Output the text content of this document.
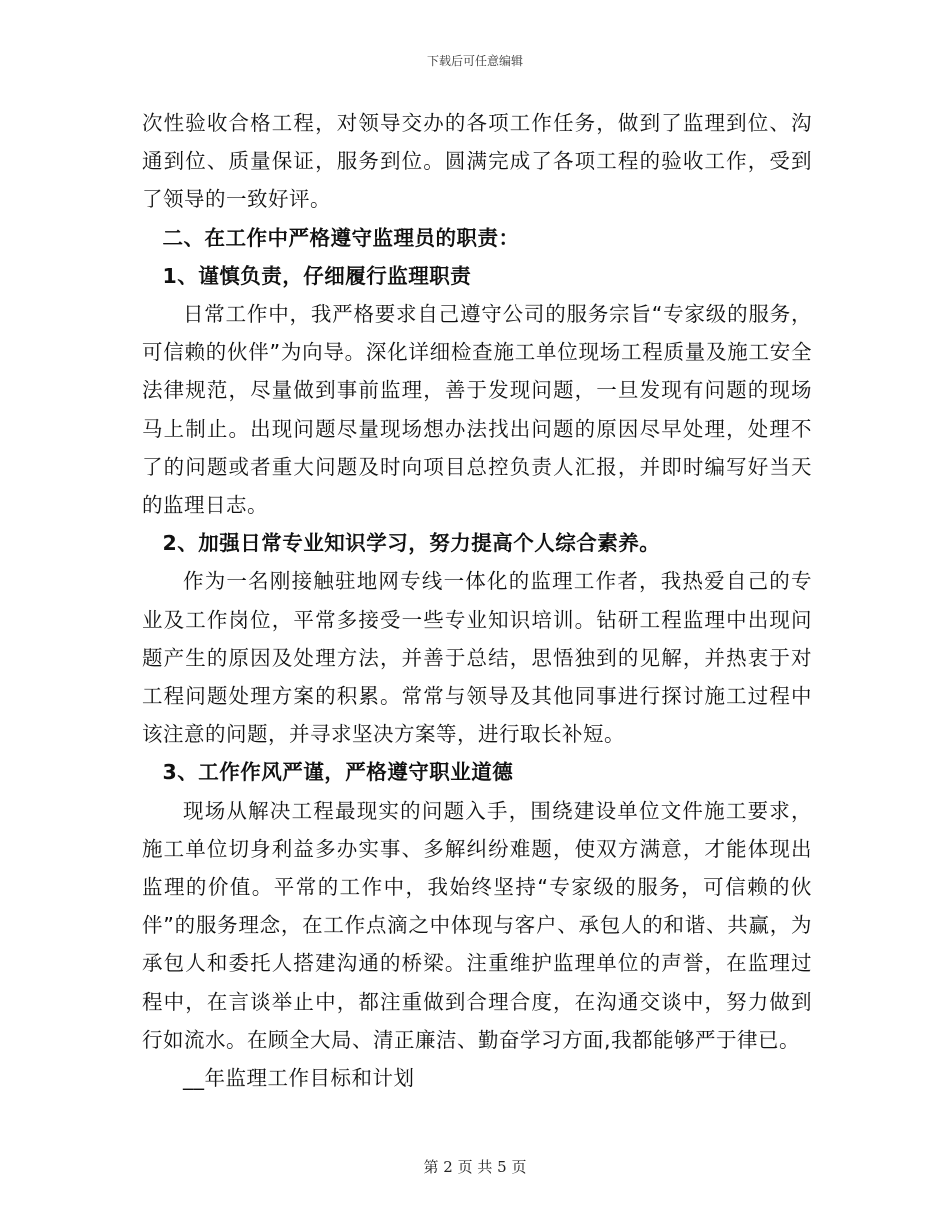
下载后可任意编辑

次性验收合格工程，对领导交办的各项工作任务，做到了监理到位、沟通到位、质量保证，服务到位。圆满完成了各项工程的验收工作，受到了领导的一致好评。

二、在工作中严格遵守监理员的职责：

1、谨慎负责，仔细履行监理职责

日常工作中，我严格要求自己遵守公司的服务宗旨“专家级的服务，可信赖的伙伴”为向导。深化详细检查施工单位现场工程质量及施工安全法律规范，尽量做到事前监理，善于发现问题，一旦发现有问题的现场马上制止。出现问题尽量现场想办法找出问题的原因尽早处理，处理不了的问题或者重大问题及时向项目总控负责人汇报，并即时编写好当天的监理日志。

2、加强日常专业知识学习，努力提高个人综合素养。

作为一名刚接触驻地网专线一体化的监理工作者，我热爱自己的专业及工作岗位，平常多接受一些专业知识培训。钻研工程监理中出现问题产生的原因及处理方法，并善于总结，思悟独到的见解，并热衷于对工程问题处理方案的积累。常常与领导及其他同事进行探讨施工过程中该注意的问题，并寻求坚决方案等，进行取长补短。

3、工作作风严谨，严格遵守职业道德

现场从解决工程最现实的问题入手，围绕建设单位文件施工要求，施工单位切身利益多办实事、多解纠纷难题，使双方满意，才能体现出监理的价值。平常的工作中，我始终坚持“专家级的服务，可信赖的伙伴”的服务理念，在工作点滴之中体现与客户、承包人的和谐、共赢，为承包人和委托人搭建沟通的桥梁。注重维护监理单位的声誉，在监理过程中，在言谈举止中，都注重做到合理合度，在沟通交谈中，努力做到行如流水。在顾全大局、清正廉洁、勤奋学习方面,我都能够严于律已。

__年监理工作目标和计划

第 2 页 共 5 页
